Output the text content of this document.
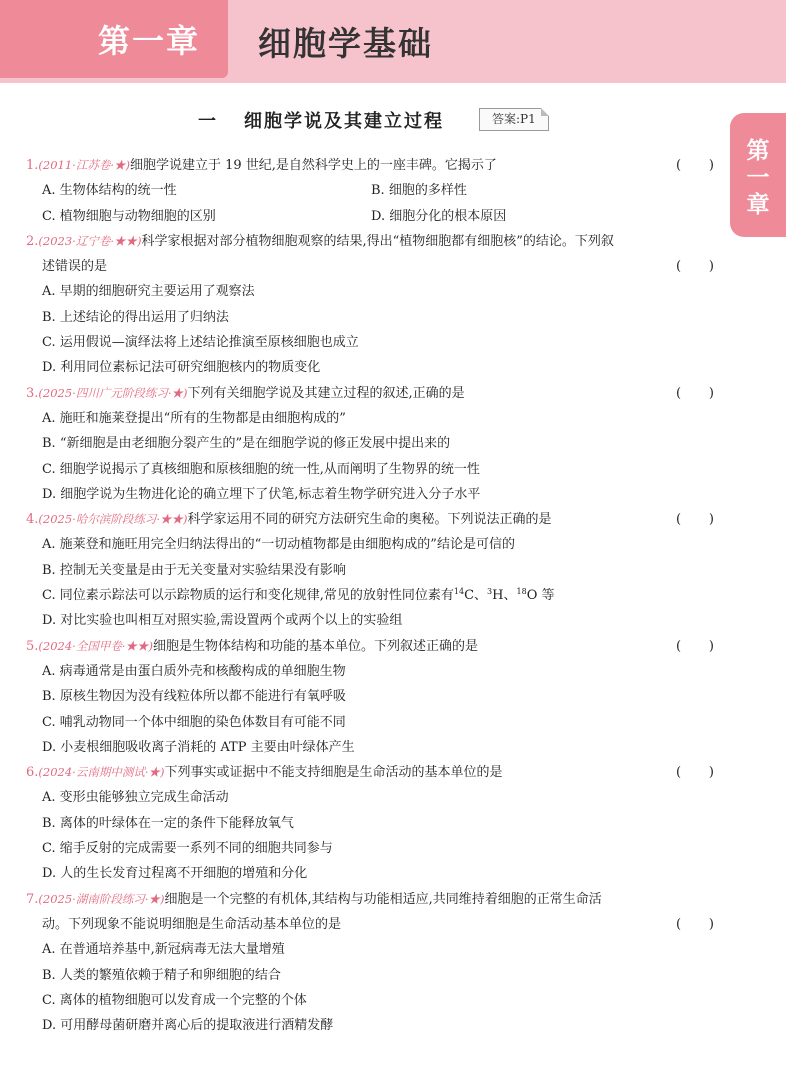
第一章 细胞学基础
第
一
章
一 细胞学说及其建立过程	答案:P1
1.(2011·江苏卷·★)细胞学说建立于 19 世纪,是自然科学史上的一座丰碑。它揭示了	( )
A. 生物体结构的统一性	B. 细胞的多样性
C. 植物细胞与动物细胞的区别	D. 细胞分化的根本原因
2.(2023·辽宁卷·★★)科学家根据对部分植物细胞观察的结果,得出“植物细胞都有细胞核”的结论。下列叙
述错误的是	( )
A. 早期的细胞研究主要运用了观察法
B. 上述结论的得出运用了归纳法
C. 运用假说—演绎法将上述结论推演至原核细胞也成立
D. 利用同位素标记法可研究细胞核内的物质变化
3.(2025·四川广元阶段练习·★)下列有关细胞学说及其建立过程的叙述,正确的是	( )
A. 施旺和施莱登提出“所有的生物都是由细胞构成的”
B. “新细胞是由老细胞分裂产生的”是在细胞学说的修正发展中提出来的
C. 细胞学说揭示了真核细胞和原核细胞的统一性,从而阐明了生物界的统一性
D. 细胞学说为生物进化论的确立埋下了伏笔,标志着生物学研究进入分子水平
4.(2025·哈尔滨阶段练习·★★)科学家运用不同的研究方法研究生命的奥秘。下列说法正确的是	( )
A. 施莱登和施旺用完全归纳法得出的“一切动植物都是由细胞构成的”结论是可信的
B. 控制无关变量是由于无关变量对实验结果没有影响
C. 同位素示踪法可以示踪物质的运行和变化规律,常见的放射性同位素有$^{14}$C、$^3$H、$^{18}$O 等
D. 对比实验也叫相互对照实验,需设置两个或两个以上的实验组
5.(2024·全国甲卷·★★)细胞是生物体结构和功能的基本单位。下列叙述正确的是	( )
A. 病毒通常是由蛋白质外壳和核酸构成的单细胞生物
B. 原核生物因为没有线粒体所以都不能进行有氧呼吸
C. 哺乳动物同一个体中细胞的染色体数目有可能不同
D. 小麦根细胞吸收离子消耗的 ATP 主要由叶绿体产生
6.(2024·云南期中测试·★)下列事实或证据中不能支持细胞是生命活动的基本单位的是	( )
A. 变形虫能够独立完成生命活动
B. 离体的叶绿体在一定的条件下能释放氧气
C. 缩手反射的完成需要一系列不同的细胞共同参与
D. 人的生长发育过程离不开细胞的增殖和分化
7.(2025·湖南阶段练习·★)细胞是一个完整的有机体,其结构与功能相适应,共同维持着细胞的正常生命活
动。下列现象不能说明细胞是生命活动基本单位的是	( )
A. 在普通培养基中,新冠病毒无法大量增殖
B. 人类的繁殖依赖于精子和卵细胞的结合
C. 离体的植物细胞可以发育成一个完整的个体
D. 可用酵母菌研磨并离心后的提取液进行酒精发酵
